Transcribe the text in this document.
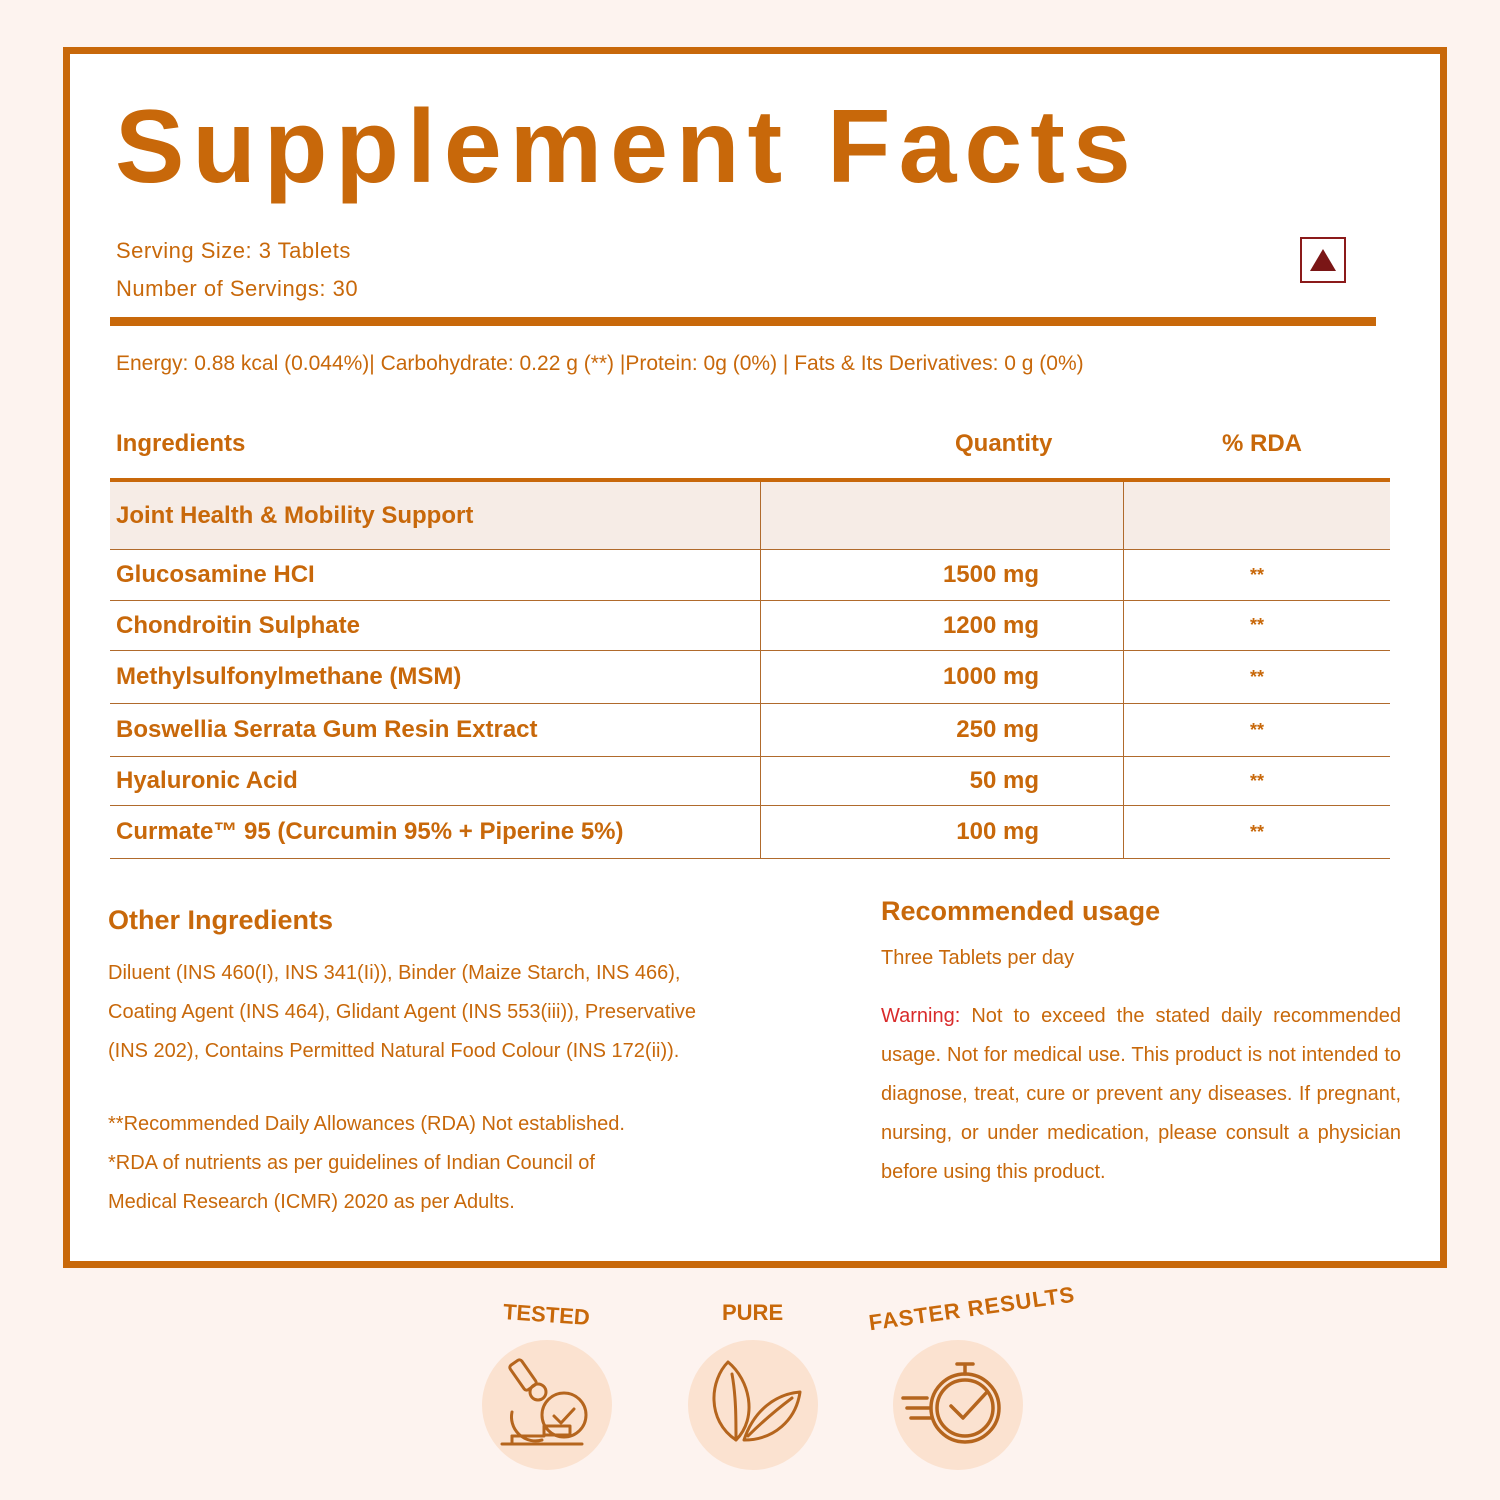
Supplement Facts
Serving Size: 3 Tablets
Number of Servings: 30
Energy: 0.88 kcal (0.044%)| Carbohydrate: 0.22 g (**) |Protein: 0g (0%) | Fats & Its Derivatives: 0 g (0%)
Ingredients	Quantity	% RDA
Joint Health & Mobility Support		
Glucosamine HCI	1500 mg	**
Chondroitin Sulphate	1200 mg	**
Methylsulfonylmethane (MSM)	1000 mg	**
Boswellia Serrata Gum Resin Extract	250 mg	**
Hyaluronic Acid	50 mg	**
Curmate™ 95 (Curcumin 95% + Piperine 5%)	100 mg	**
Other Ingredients
Diluent (INS 460(I), INS 341(Ii)), Binder (Maize Starch, INS 466),
Coating Agent (INS 464), Glidant Agent (INS 553(iii)), Preservative
(INS 202), Contains Permitted Natural Food Colour (INS 172(ii)).
**Recommended Daily Allowances (RDA) Not established.
*RDA of nutrients as per guidelines of Indian Council of
Medical Research (ICMR) 2020 as per Adults.
Recommended usage
Three Tablets per day
Warning: Not to exceed the stated daily recommended usage. Not for medical use. This product is not intended to diagnose, treat, cure or prevent any diseases. If pregnant, nursing, or under medication, please consult a physician before using this product.
TESTED	PURE	FASTER RESULTS
